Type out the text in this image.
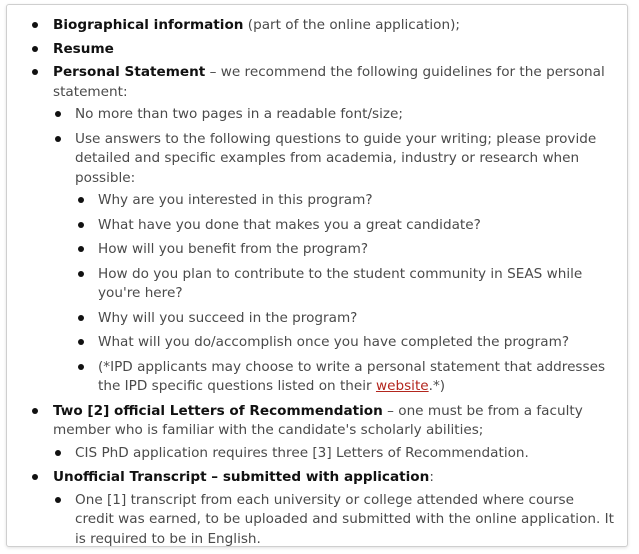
Biographical information (part of the online application);
Resume
Personal Statement – we recommend the following guidelines for the personal statement:
No more than two pages in a readable font/size;
Use answers to the following questions to guide your writing; please provide detailed and specific examples from academia, industry or research when possible:
Why are you interested in this program?
What have you done that makes you a great candidate?
How will you benefit from the program?
How do you plan to contribute to the student community in SEAS while you're here?
Why will you succeed in the program?
What will you do/accomplish once you have completed the program?
(*IPD applicants may choose to write a personal statement that addresses the IPD specific questions listed on their website.*)
Two [2] official Letters of Recommendation – one must be from a faculty member who is familiar with the candidate's scholarly abilities;
CIS PhD application requires three [3] Letters of Recommendation.
Unofficial Transcript – submitted with application:
One [1] transcript from each university or college attended where course credit was earned, to be uploaded and submitted with the online application. It is required to be in English.
